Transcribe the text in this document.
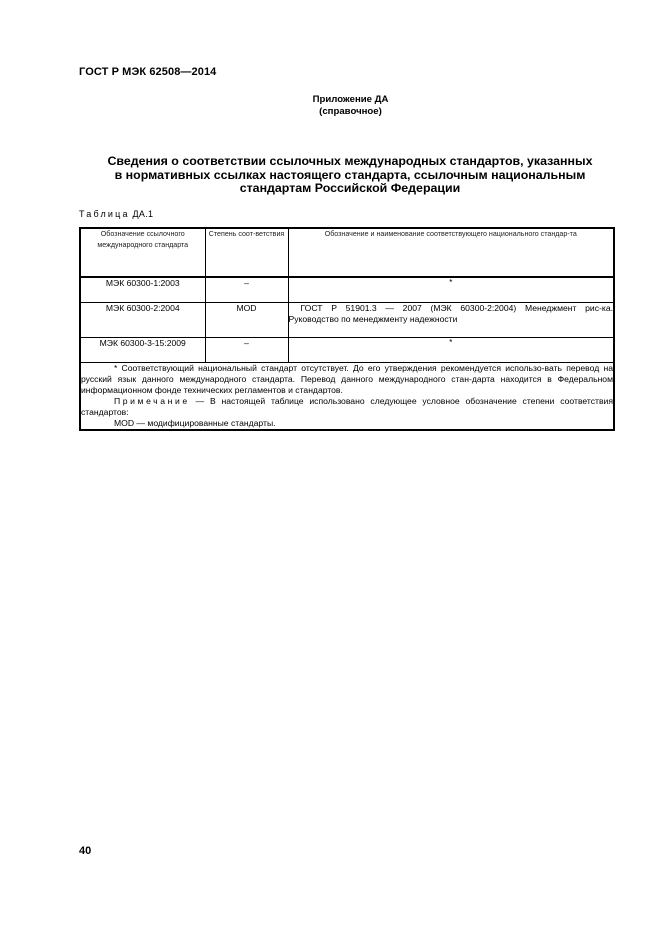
ГОСТ Р МЭК 62508—2014
Приложение ДА
(справочное)
Сведения о соответствии ссылочных международных стандартов, указанных
в нормативных ссылках настоящего стандарта, ссылочным национальным
стандартам Российской Федерации
Таблица ДА.1
Обозначение ссылочного международного стандарта	Степень соот-ветствия	Обозначение и наименование соответствующего национального стандар-та
МЭК 60300-1:2003	–	*
МЭК 60300-2:2004	MOD	ГОСТ Р 51901.3 — 2007 (МЭК 60300-2:2004) Менеджмент рис-ка. Руководство по менеджменту надежности
МЭК 60300-3-15:2009	–	*

* Соответствующий национальный стандарт отсутствует. До его утверждения рекомендуется использо-вать перевод на русский язык данного международного стандарта. Перевод данного международного стан-дарта находится в Федеральном информационном фонде технических регламентов и стандартов.

Примечание — В настоящей таблице использовано следующее условное обозначение степени соответствия стандартов:

MOD — модифицированные стандарты.		

40
